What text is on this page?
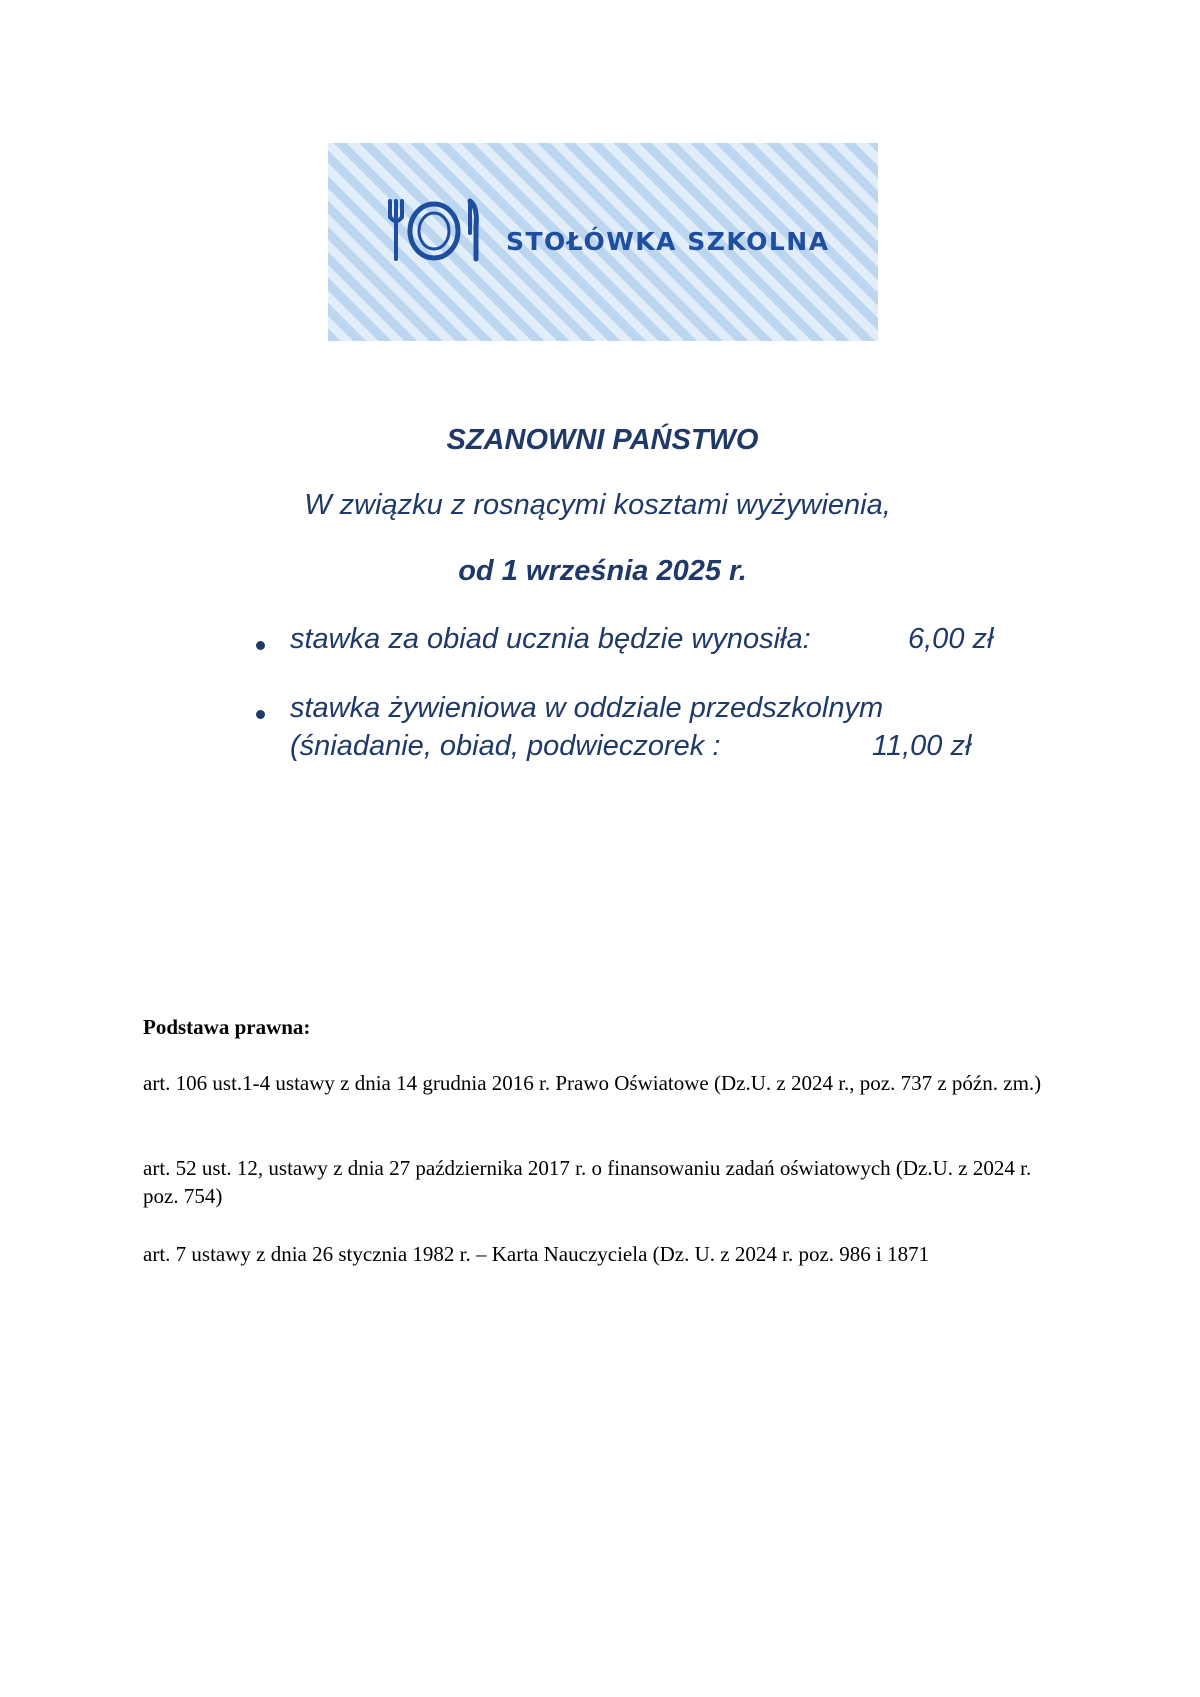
STOŁÓWKA SZKOLNA
SZANOWNI PAŃSTWO
W związku z rosnącymi kosztami wyżywienia,
od 1 września 2025 r.
stawka za obiad ucznia będzie wynosiła:	6,00 zł
stawka żywieniowa w oddziale przedszkolnym
(śniadanie, obiad, podwieczorek :	11,00 zł
Podstawa prawna:
art. 106 ust.1-4 ustawy z dnia 14 grudnia 2016 r. Prawo Oświatowe (Dz.U. z 2024 r., poz. 737 z późn. zm.)
art. 52 ust. 12, ustawy z dnia 27 października 2017 r. o finansowaniu zadań oświatowych (Dz.U. z 2024 r. poz. 754)
art. 7 ustawy z dnia 26 stycznia 1982 r. – Karta Nauczyciela (Dz. U. z 2024 r. poz. 986 i 1871
